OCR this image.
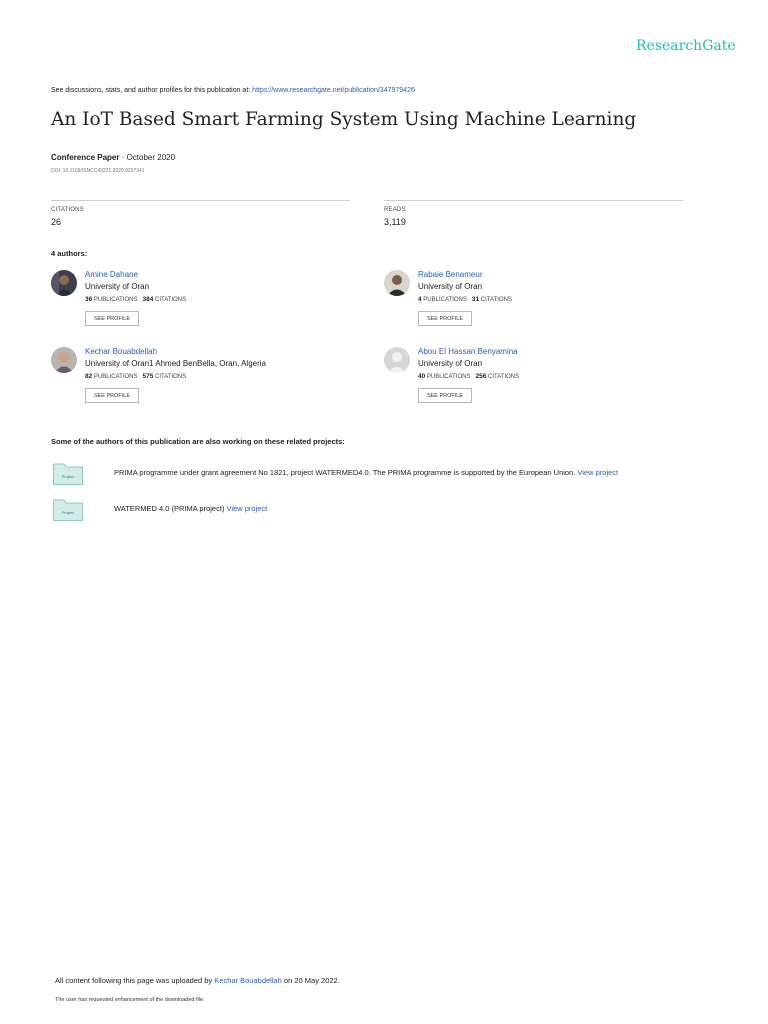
ResearchGate
See discussions, stats, and author profiles for this publication at: https://www.researchgate.net/publication/347979426
An IoT Based Smart Farming System Using Machine Learning
Conference Paper · October 2020
DOI: 10.1109/ISNCC49221.2020.9297341
CITATIONS
26
READS
3,119
4 authors:
Amine Dahane
University of Oran
36 PUBLICATIONS 384 CITATIONS
SEE PROFILE
Rabaie Benameur
University of Oran
4 PUBLICATIONS 31 CITATIONS
SEE PROFILE
Kechar Bouabdellah
University of Oran1 Ahmed BenBella, Oran, Algeria
82 PUBLICATIONS 575 CITATIONS
SEE PROFILE
Abou El Hassan Benyamina
University of Oran
40 PUBLICATIONS 256 CITATIONS
SEE PROFILE
Some of the authors of this publication are also working on these related projects:
Project	PRIMA programme under grant agreement No 1821, project WATERMED4.0. The PRIMA programme is supported by the European Union. View project
Project	WATERMED 4.0 (PRIMA project) View project
All content following this page was uploaded by Kechar Bouabdellah on 20 May 2022.
The user has requested enhancement of the downloaded file.
